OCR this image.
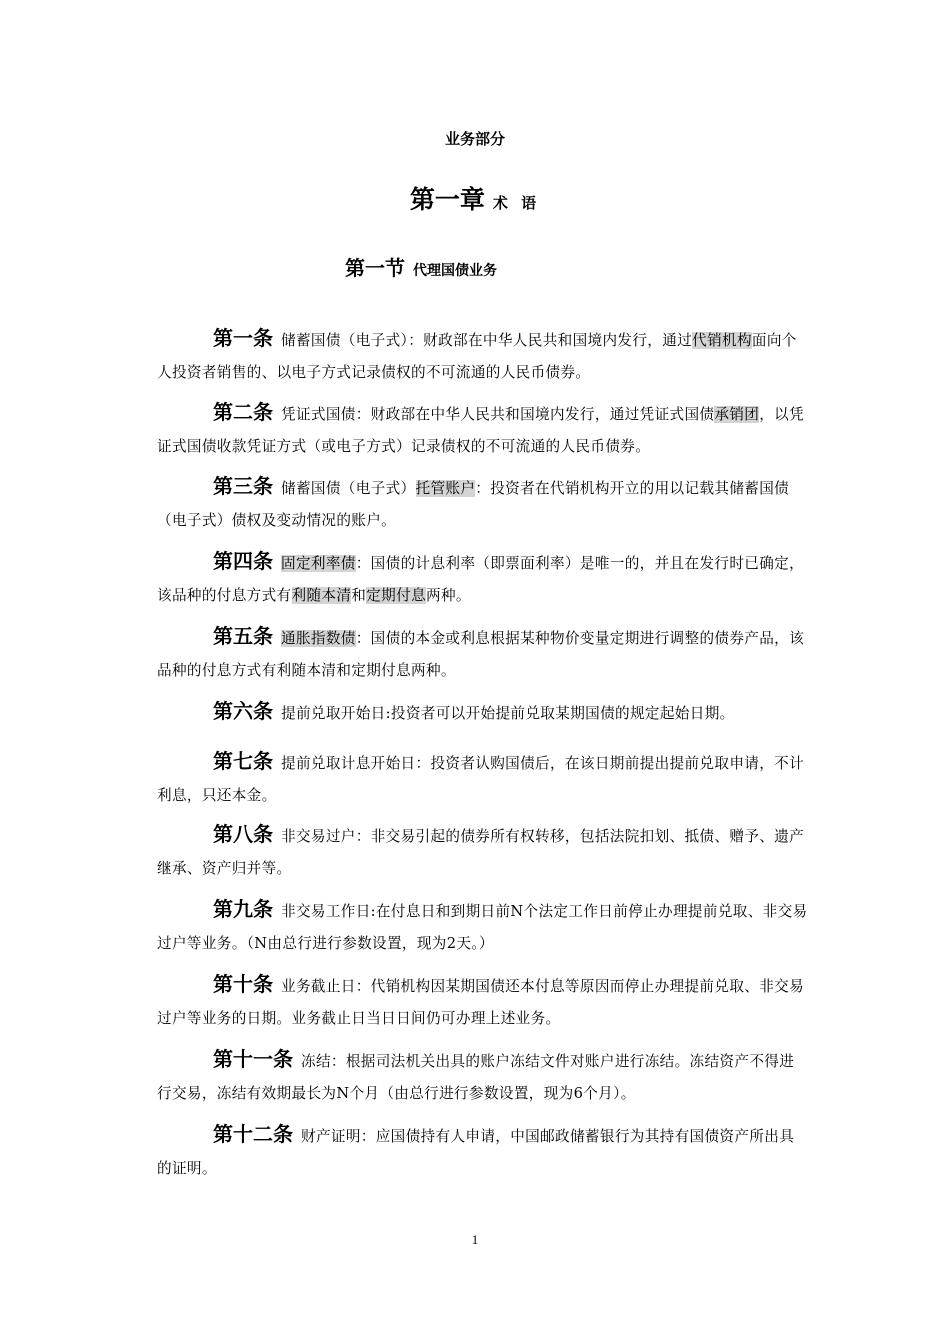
业务部分
第一章 术 语
第一节 代理国债业务

第一条 储蓄国债（电子式）：财政部在中华人民共和国境内发行，通过代销机构面向个人投资者销售的、以电子方式记录债权的不可流通的人民币债券。

第二条 凭证式国债：财政部在中华人民共和国境内发行，通过凭证式国债承销团，以凭证式国债收款凭证方式（或电子方式）记录债权的不可流通的人民币债券。

第三条 储蓄国债（电子式）托管账户：投资者在代销机构开立的用以记载其储蓄国债（电子式）债权及变动情况的账户。

第四条 固定利率债：国债的计息利率（即票面利率）是唯一的，并且在发行时已确定，该品种的付息方式有利随本清和定期付息两种。

第五条 通胀指数债：国债的本金或利息根据某种物价变量定期进行调整的债券产品，该品种的付息方式有利随本清和定期付息两种。

第六条 提前兑取开始日:投资者可以开始提前兑取某期国债的规定起始日期。

第七条 提前兑取计息开始日：投资者认购国债后，在该日期前提出提前兑取申请，不计利息，只还本金。

第八条 非交易过户：非交易引起的债券所有权转移，包括法院扣划、抵债、赠予、遗产继承、资产归并等。

第九条 非交易工作日:在付息日和到期日前N个法定工作日前停止办理提前兑取、非交易过户等业务。（N由总行进行参数设置，现为2天。）

第十条 业务截止日：代销机构因某期国债还本付息等原因而停止办理提前兑取、非交易过户等业务的日期。业务截止日当日日间仍可办理上述业务。

第十一条 冻结：根据司法机关出具的账户冻结文件对账户进行冻结。冻结资产不得进行交易，冻结有效期最长为N个月（由总行进行参数设置，现为6个月）。

第十二条 财产证明：应国债持有人申请，中国邮政储蓄银行为其持有国债资产所出具的证明。

1
